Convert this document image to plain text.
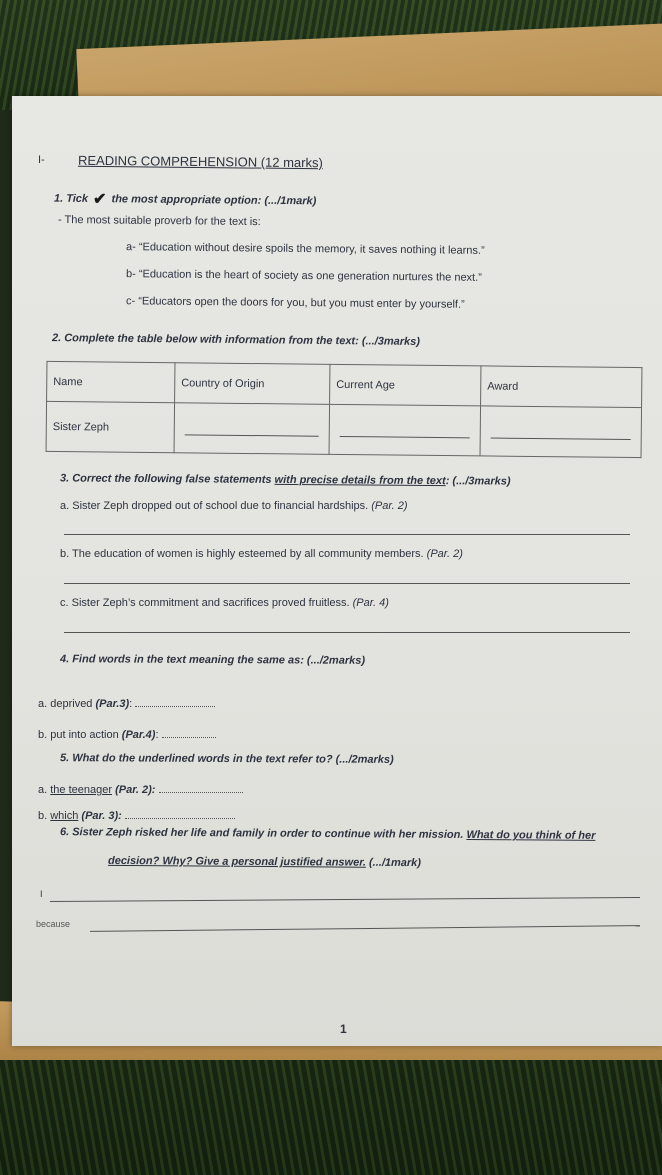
I-	READING COMPREHENSION (12 marks)
1. Tick ✔ the most appropriate option: (.../1mark)
- The most suitable proverb for the text is:
a- “Education without desire spoils the memory, it saves nothing it learns.”
b- “Education is the heart of society as one generation nurtures the next.”
c- “Educators open the doors for you, but you must enter by yourself.”
2. Complete the table below with information from the text: (.../3marks)
Name	Country of Origin	Current Age	Award
Sister Zeph	

3. Correct the following false statements with precise details from the text: (.../3marks)
a. Sister Zeph dropped out of school due to financial hardships. (Par. 2)
b. The education of women is highly esteemed by all community members. (Par. 2)
c. Sister Zeph’s commitment and sacrifices proved fruitless. (Par. 4)
4. Find words in the text meaning the same as: (.../2marks)
a. deprived (Par.3):
b. put into action (Par.4):
5. What do the underlined words in the text refer to? (.../2marks)
a. the teenager (Par. 2):
b. which (Par. 3):
6. Sister Zeph risked her life and family in order to continue with her mission. What do you think of her
decision? Why? Give a personal justified answer. (.../1mark)
I
because
1
